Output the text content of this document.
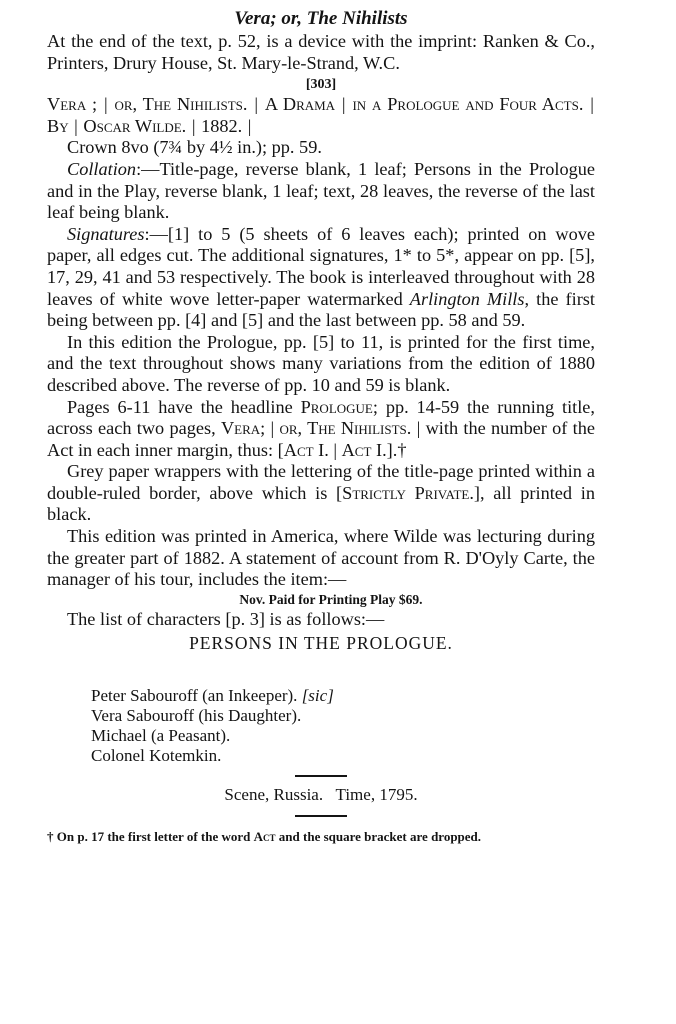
Vera; or, The Nihilists

At the end of the text, p. 52, is a device with the imprint: Ranken & Co., Printers, Drury House, St. Mary-le-Strand, W.C.

[303]

Vera ; | or, The Nihilists. | A Drama | in a Prologue and Four Acts. | By | Oscar Wilde. | 1882. |

Crown 8vo (7¾ by 4½ in.); pp. 59.

Collation:—Title-page, reverse blank, 1 leaf; Persons in the Prologue and in the Play, reverse blank, 1 leaf; text, 28 leaves, the reverse of the last leaf being blank.

Signatures:—[1] to 5 (5 sheets of 6 leaves each); printed on wove paper, all edges cut. The additional signatures, 1* to 5*, appear on pp. [5], 17, 29, 41 and 53 respectively. The book is interleaved throughout with 28 leaves of white wove letter-paper watermarked Arlington Mills, the first being between pp. [4] and [5] and the last between pp. 58 and 59.

In this edition the Prologue, pp. [5] to 11, is printed for the first time, and the text throughout shows many variations from the edition of 1880 described above. The reverse of pp. 10 and 59 is blank.

Pages 6-11 have the headline Prologue; pp. 14-59 the running title, across each two pages, Vera; | or, The Nihilists. | with the number of the Act in each inner margin, thus: [Act I. | Act I.].†

Grey paper wrappers with the lettering of the title-page printed within a double-ruled border, above which is [Strictly Private.], all printed in black.

This edition was printed in America, where Wilde was lecturing during the greater part of 1882. A statement of account from R. D'Oyly Carte, the manager of his tour, includes the item:—

Nov. Paid for Printing Play $69.

The list of characters [p. 3] is as follows:—

PERSONS IN THE PROLOGUE.
Peter Sabouroff (an Inkeeper). [sic]
Vera Sabouroff (his Daughter).
Michael (a Peasant).
Colonel Kotemkin.
Scene, Russia.   Time, 1795.
† On p. 17 the first letter of the word Act and the square bracket are dropped.
